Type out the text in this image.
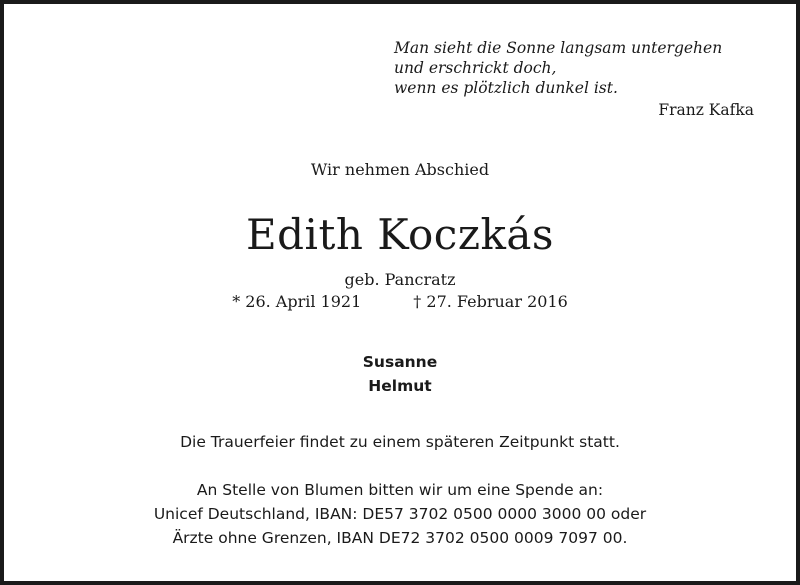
Man sieht die Sonne langsam untergehen
und erschrickt doch,
wenn es plötzlich dunkel ist.
Franz Kafka
Wir nehmen Abschied
Edith Koczkás
geb. Pancratz
* 26. April 1921	† 27. Februar 2016
Susanne
Helmut
Die Trauerfeier findet zu einem späteren Zeitpunkt statt.
An Stelle von Blumen bitten wir um eine Spende an:
Unicef Deutschland, IBAN: DE57 3702 0500 0000 3000 00 oder
Ärzte ohne Grenzen, IBAN DE72 3702 0500 0009 7097 00.
